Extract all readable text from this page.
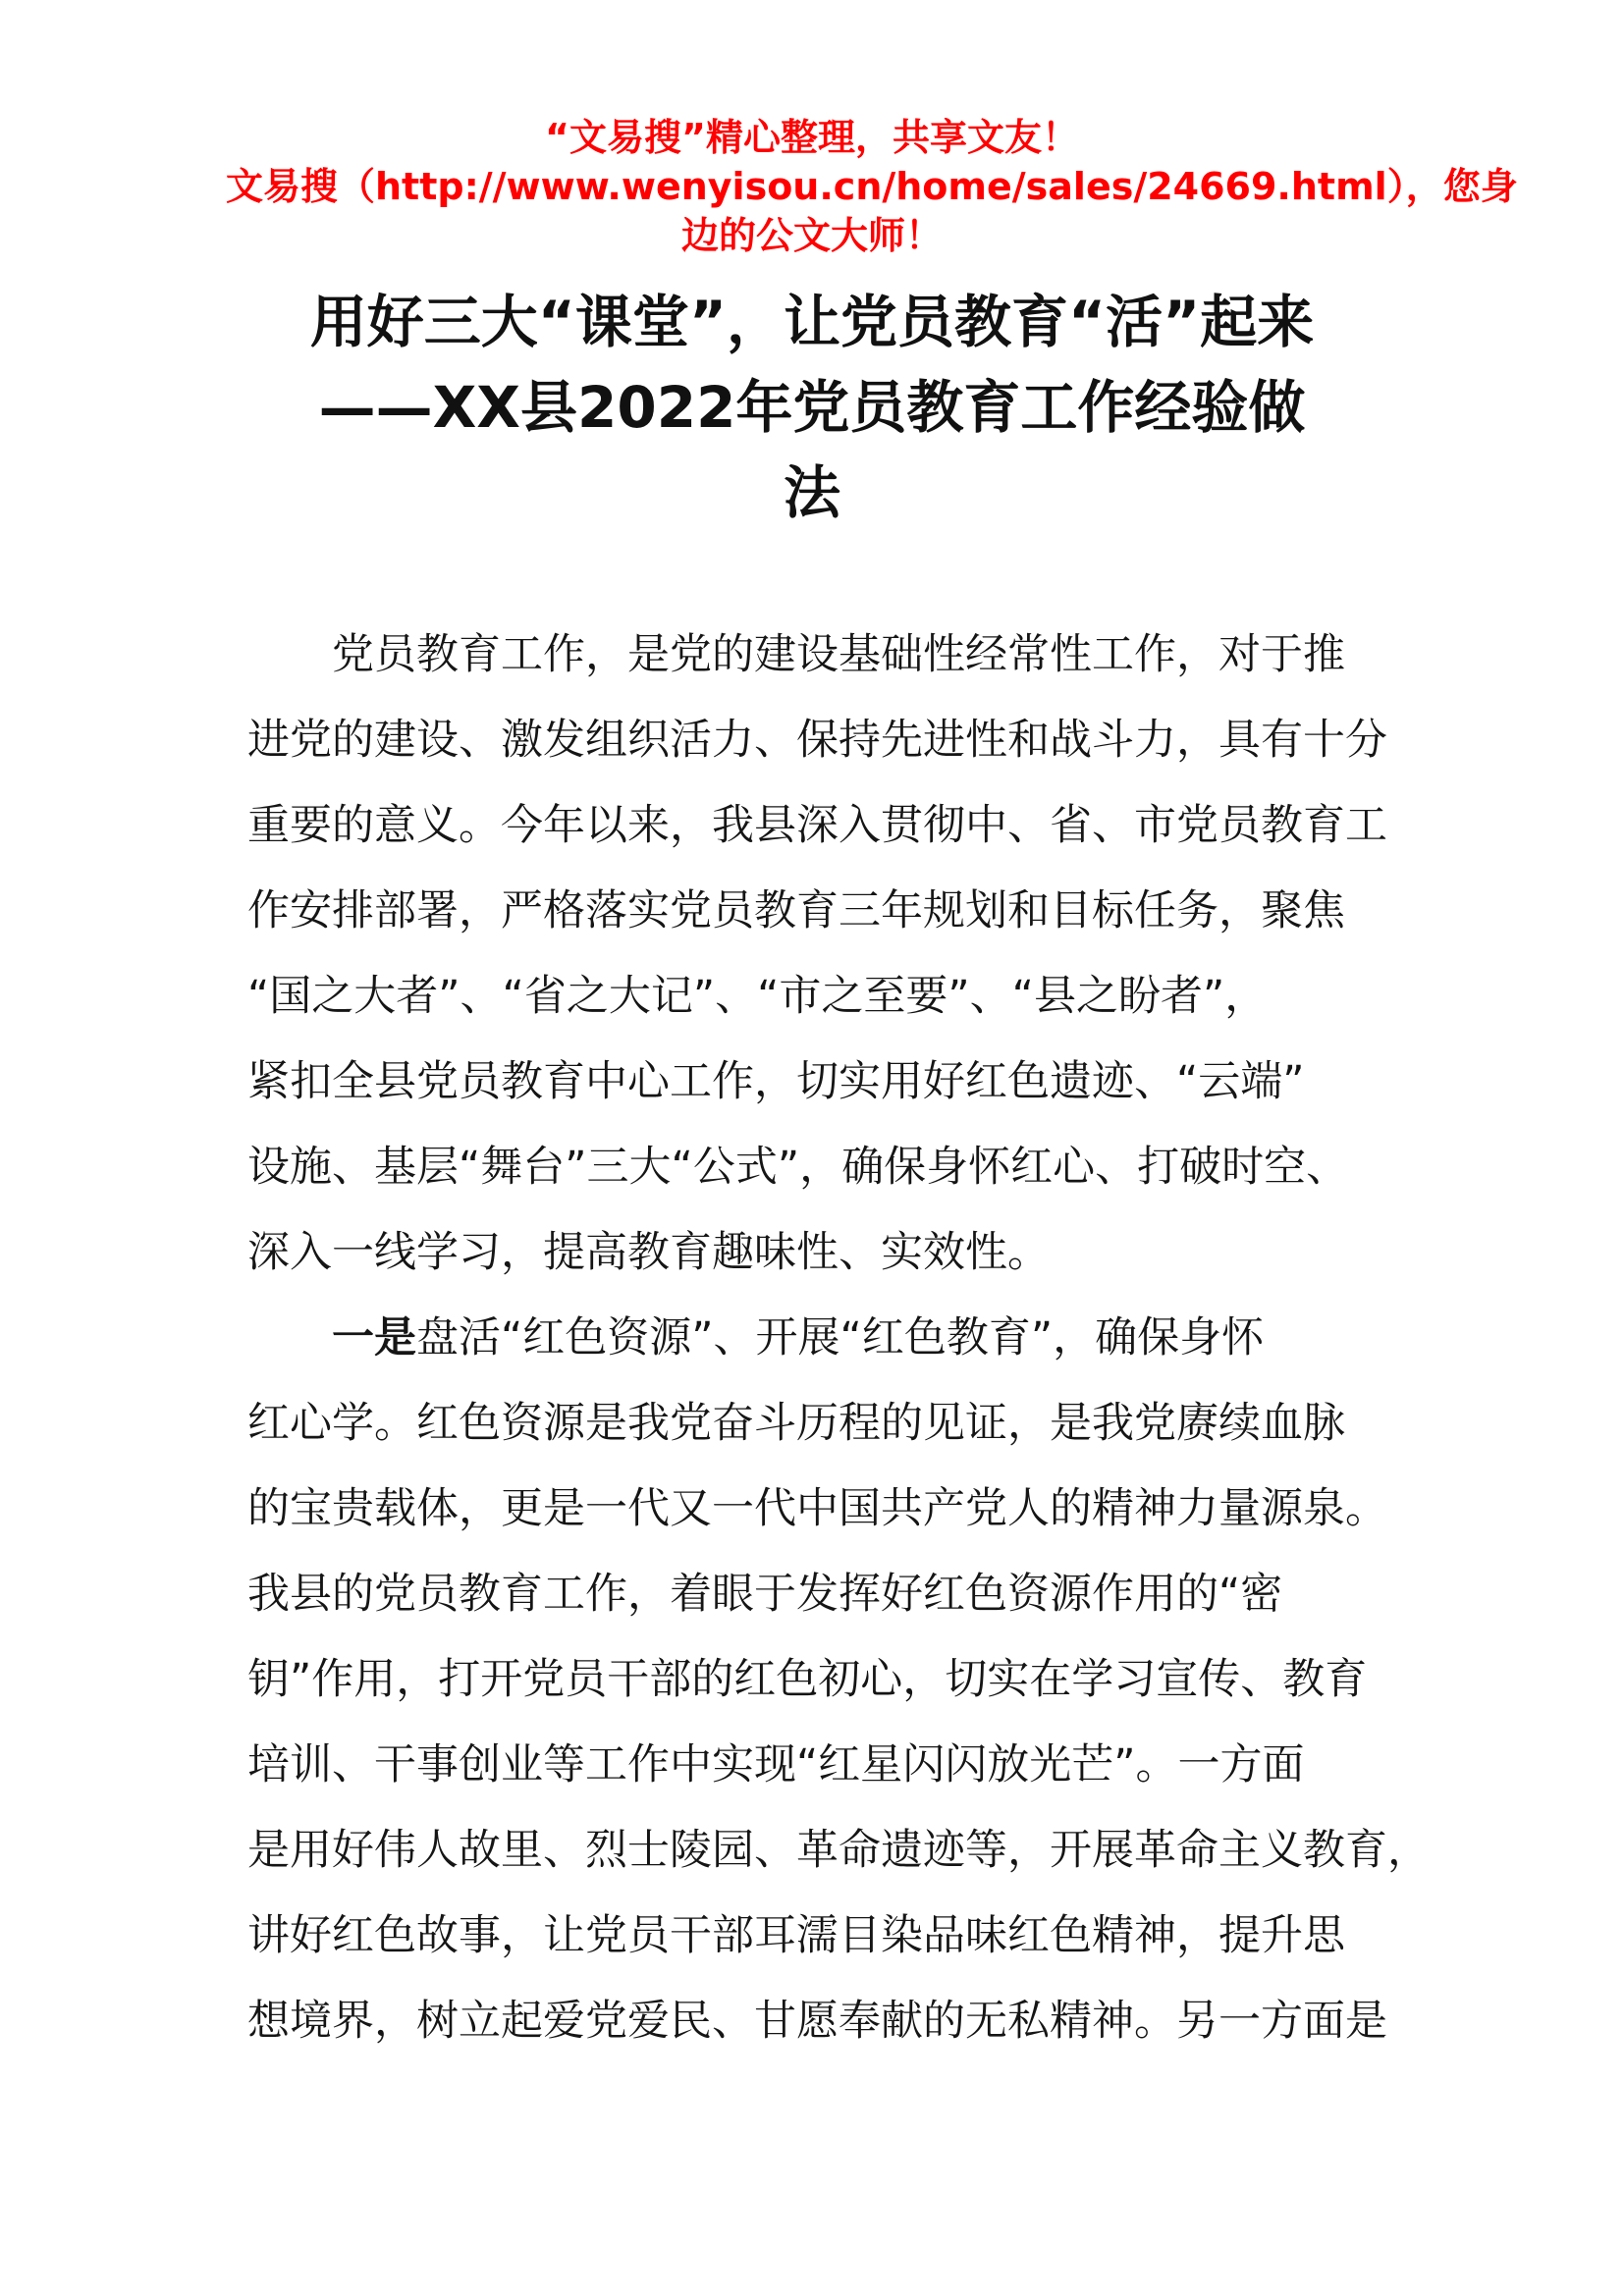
“文易搜”精心整理，共享文友！
文易搜（http://www.wenyisou.cn/home/sales/24669.html），您身
边的公文大师！
用好三大“课堂”，让党员教育“活”起来
——XX县2022年党员教育工作经验做
法
党员教育工作，是党的建设基础性经常性工作，对于推
进党的建设、激发组织活力、保持先进性和战斗力，具有十分
重要的意义。今年以来，我县深入贯彻中、省、市党员教育工
作安排部署，严格落实党员教育三年规划和目标任务，聚焦
“国之大者”、“省之大记”、“市之至要”、“县之盼者”，
紧扣全县党员教育中心工作，切实用好红色遗迹、“云端”
设施、基层“舞台”三大“公式”，确保身怀红心、打破时空、
深入一线学习，提高教育趣味性、实效性。
一是盘活“红色资源”、开展“红色教育”，确保身怀
红心学。红色资源是我党奋斗历程的见证，是我党赓续血脉
的宝贵载体，更是一代又一代中国共产党人的精神力量源泉。
我县的党员教育工作，着眼于发挥好红色资源作用的“密
钥”作用，打开党员干部的红色初心，切实在学习宣传、教育
培训、干事创业等工作中实现“红星闪闪放光芒”。一方面
是用好伟人故里、烈士陵园、革命遗迹等，开展革命主义教育，
讲好红色故事，让党员干部耳濡目染品味红色精神，提升思
想境界，树立起爱党爱民、甘愿奉献的无私精神。另一方面是
